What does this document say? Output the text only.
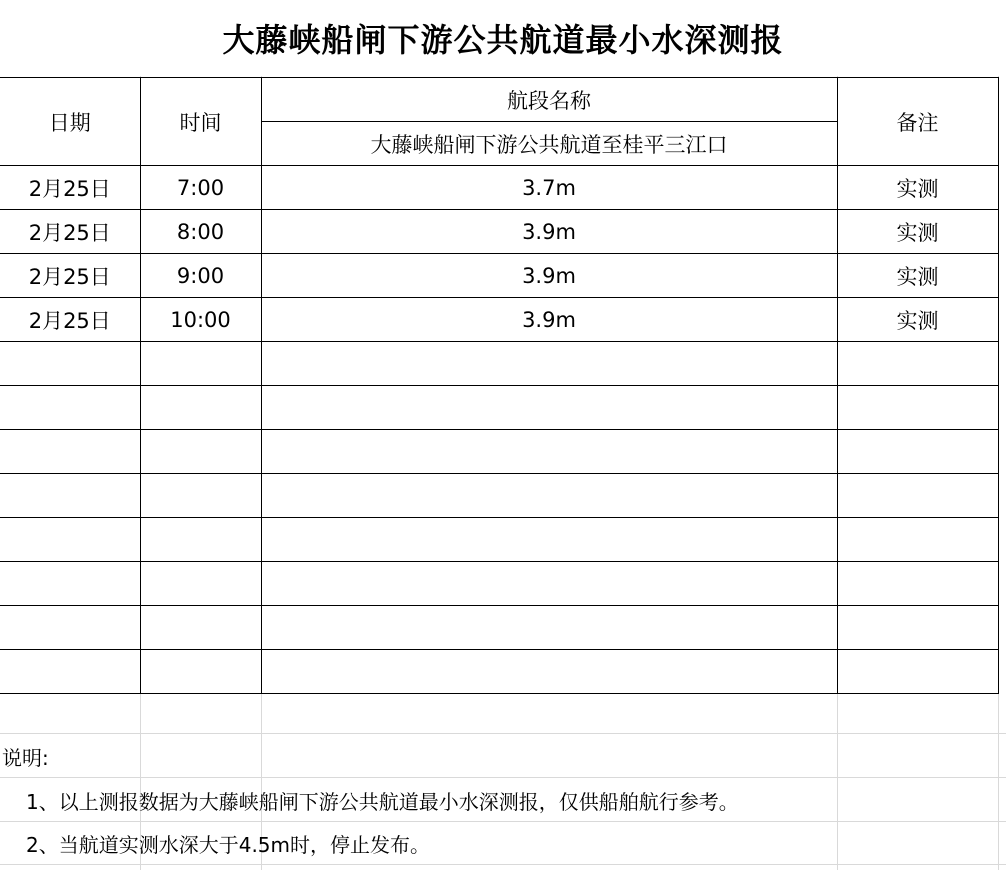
大藤峡船闸下游公共航道最小水深测报
日期	时间	航段名称	备注
		大藤峡船闸下游公共航道至桂平三江口	
2月25日	7:00	3.7m	实测
2月25日	8:00	3.9m	实测
2月25日	9:00	3.9m	实测
2月25日	10:00	3.9m	实测

说明:
1、以上测报数据为大藤峡船闸下游公共航道最小水深测报，仅供船舶航行参考。
2、当航道实测水深大于4.5m时，停止发布。
